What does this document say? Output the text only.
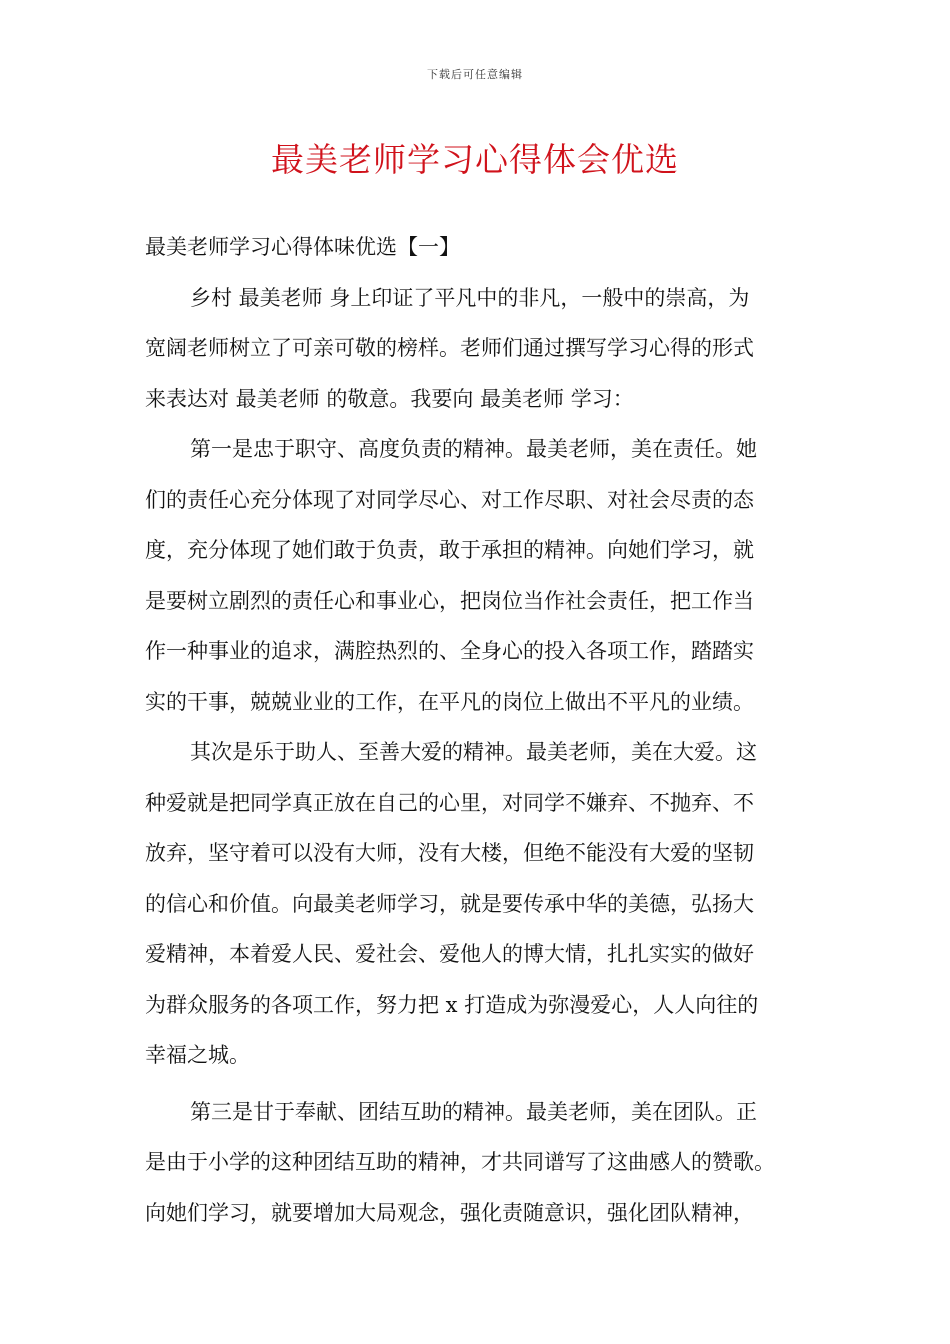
下载后可任意编辑
最美老师学习心得体会优选
最美老师学习心得体味优选【一】
乡村 最美老师 身上印证了平凡中的非凡，一般中的崇高，为
宽阔老师树立了可亲可敬的榜样。老师们通过撰写学习心得的形式
来表达对 最美老师 的敬意。我要向 最美老师 学习：
第一是忠于职守、高度负责的精神。最美老师，美在责任。她
们的责任心充分体现了对同学尽心、对工作尽职、对社会尽责的态
度，充分体现了她们敢于负责，敢于承担的精神。向她们学习，就
是要树立剧烈的责任心和事业心，把岗位当作社会责任，把工作当
作一种事业的追求，满腔热烈的、全身心的投入各项工作，踏踏实
实的干事，兢兢业业的工作，在平凡的岗位上做出不平凡的业绩。
其次是乐于助人、至善大爱的精神。最美老师，美在大爱。这
种爱就是把同学真正放在自己的心里，对同学不嫌弃、不抛弃、不
放弃，坚守着可以没有大师，没有大楼，但绝不能没有大爱的坚韧
的信心和价值。向最美老师学习，就是要传承中华的美德，弘扬大
爱精神，本着爱人民、爱社会、爱他人的博大情，扎扎实实的做好
为群众服务的各项工作，努力把 x 打造成为弥漫爱心，人人向往的
幸福之城。
第三是甘于奉献、团结互助的精神。最美老师，美在团队。正
是由于小学的这种团结互助的精神，才共同谱写了这曲感人的赞歌。
向她们学习，就要增加大局观念，强化责随意识，强化团队精神，
